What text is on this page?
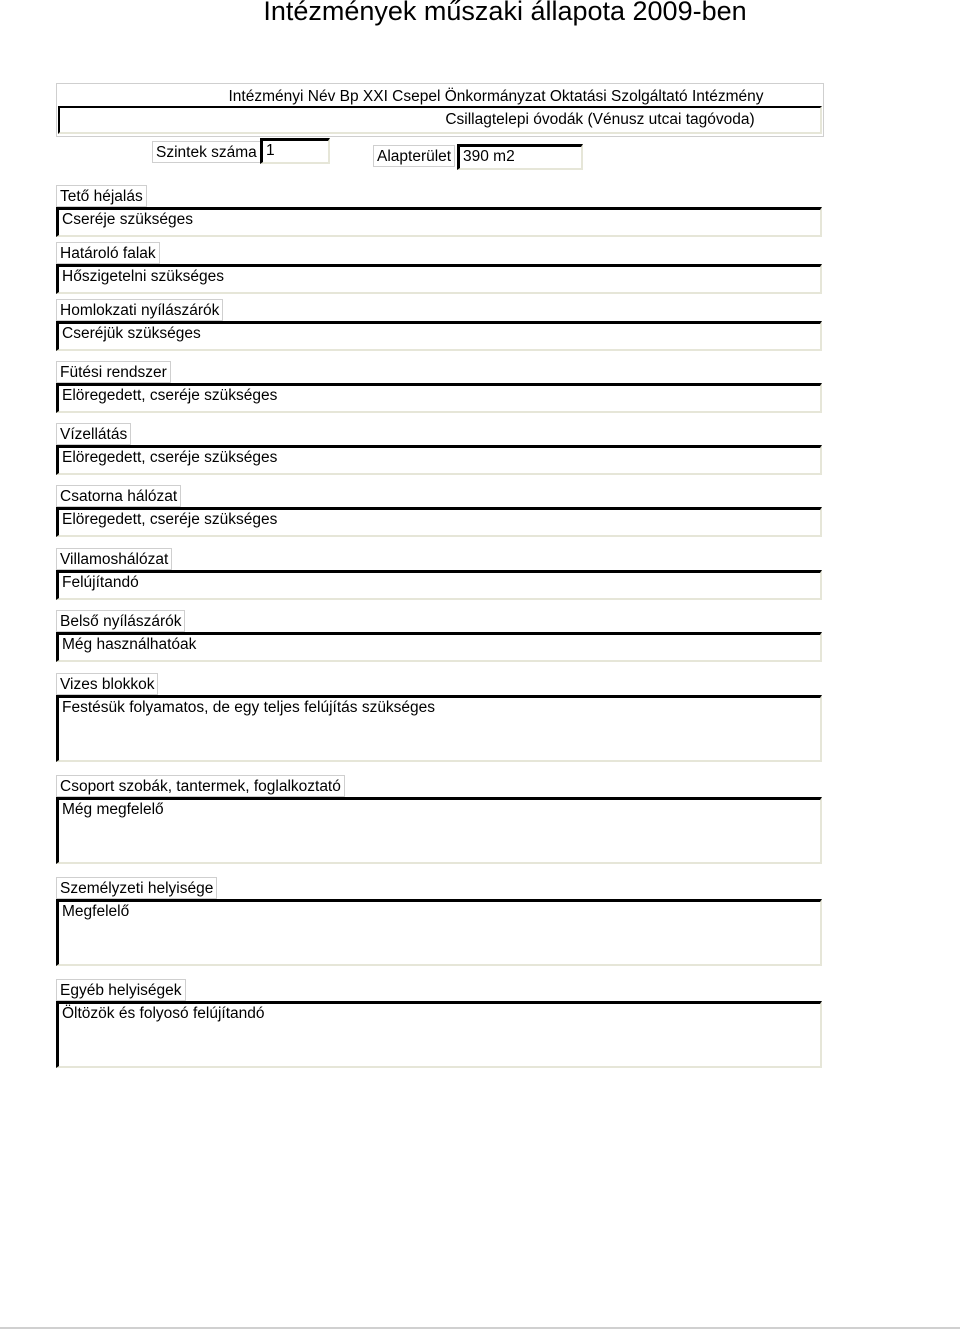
Intézmények műszaki állapota 2009-ben
Intézményi Név Bp XXI Csepel Önkormányzat Oktatási Szolgáltató Intézmény
Csillagtelepi óvodák (Vénusz utcai tagóvoda)
Szintek száma 1	Alapterület 390 m2
Tető héjalás
Cseréje szükséges
Határoló falak
Hőszigetelni szükséges
Homlokzati nyílászárók
Cseréjük szükséges
Fütési rendszer
Elöregedett, cseréje szükséges
Vízellátás
Elöregedett, cseréje szükséges
Csatorna hálózat
Elöregedett, cseréje szükséges
Villamoshálózat
Felújítandó
Belső nyílászárók
Még használhatóak
Vizes blokkok
Festésük folyamatos, de egy teljes felújítás szükséges
Csoport szobák, tantermek, foglalkoztató
Még megfelelő
Személyzeti helyisége
Megfelelő
Egyéb helyiségek
Öltözök és folyosó felújítandó
